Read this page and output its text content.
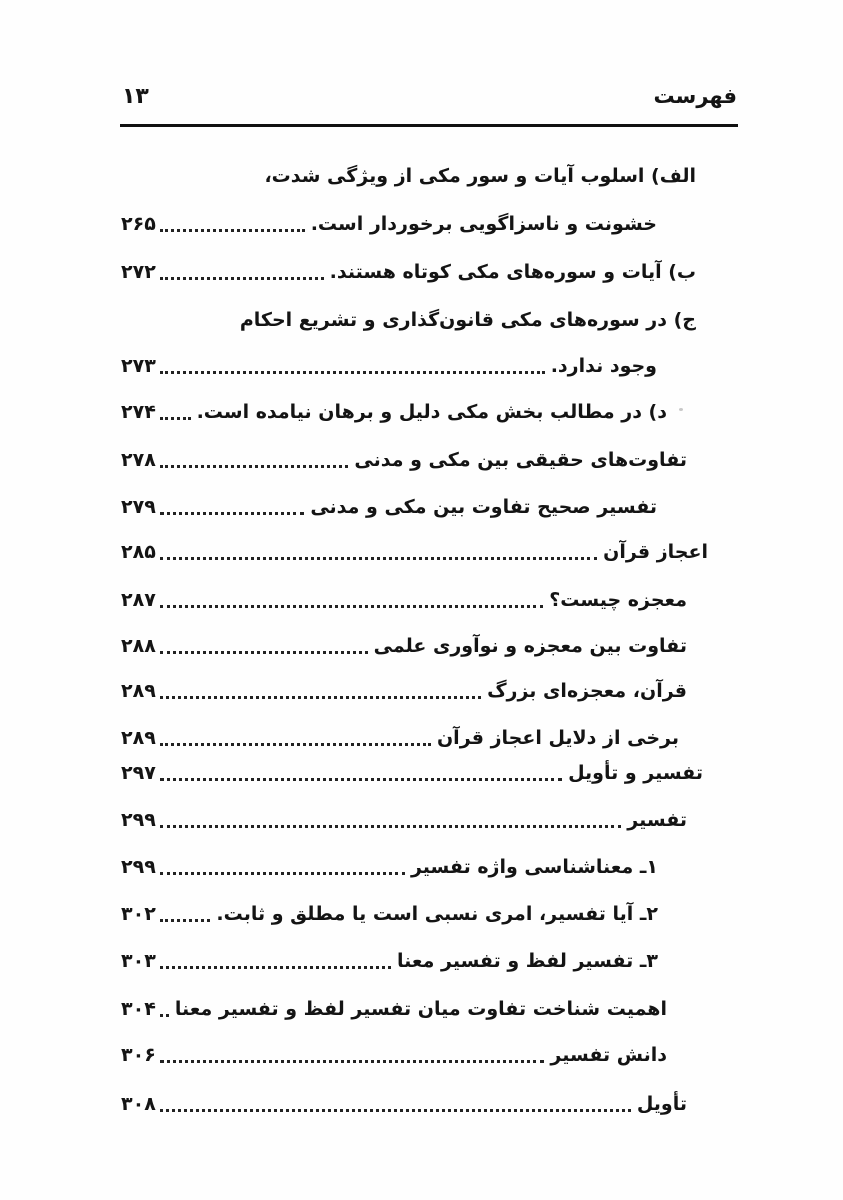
فهرست
۱۳
الف) اسلوب آیات و سور مکی از ویژگی شدت،
خشونت و ناسزاگویی برخوردار است.
۲۶۵
ب) آیات و سوره‌های مکی کوتاه هستند.
۲۷۲
ج) در سوره‌های مکی قانون‌گذاری و تشریع احکام
وجود ندارد.
۲۷۳
د) در مطالب بخش مکی دلیل و برهان نیامده است.
۲۷۴
تفاوت‌های حقیقی بین مکی و مدنی
۲۷۸
تفسیر صحیح تفاوت بین مکی و مدنی
۲۷۹
اعجاز قرآن
۲۸۵
معجزه چیست؟
۲۸۷
تفاوت بین معجزه و نوآوری علمی
۲۸۸
قرآن، معجزه‌ای بزرگ
۲۸۹
برخی از دلایل اعجاز قرآن
۲۸۹
تفسیر و تأویل
۲۹۷
تفسیر
۲۹۹
۱ـ معناشناسی واژه تفسیر
۲۹۹
۲ـ آیا تفسیر، امری نسبی است یا مطلق و ثابت.
۳۰۲
۳ـ تفسیر لفظ و تفسیر معنا
۳۰۳
اهمیت شناخت تفاوت میان تفسیر لفظ و تفسیر معنا
۳۰۴
دانش تفسیر
۳۰۶
تأویل
۳۰۸
